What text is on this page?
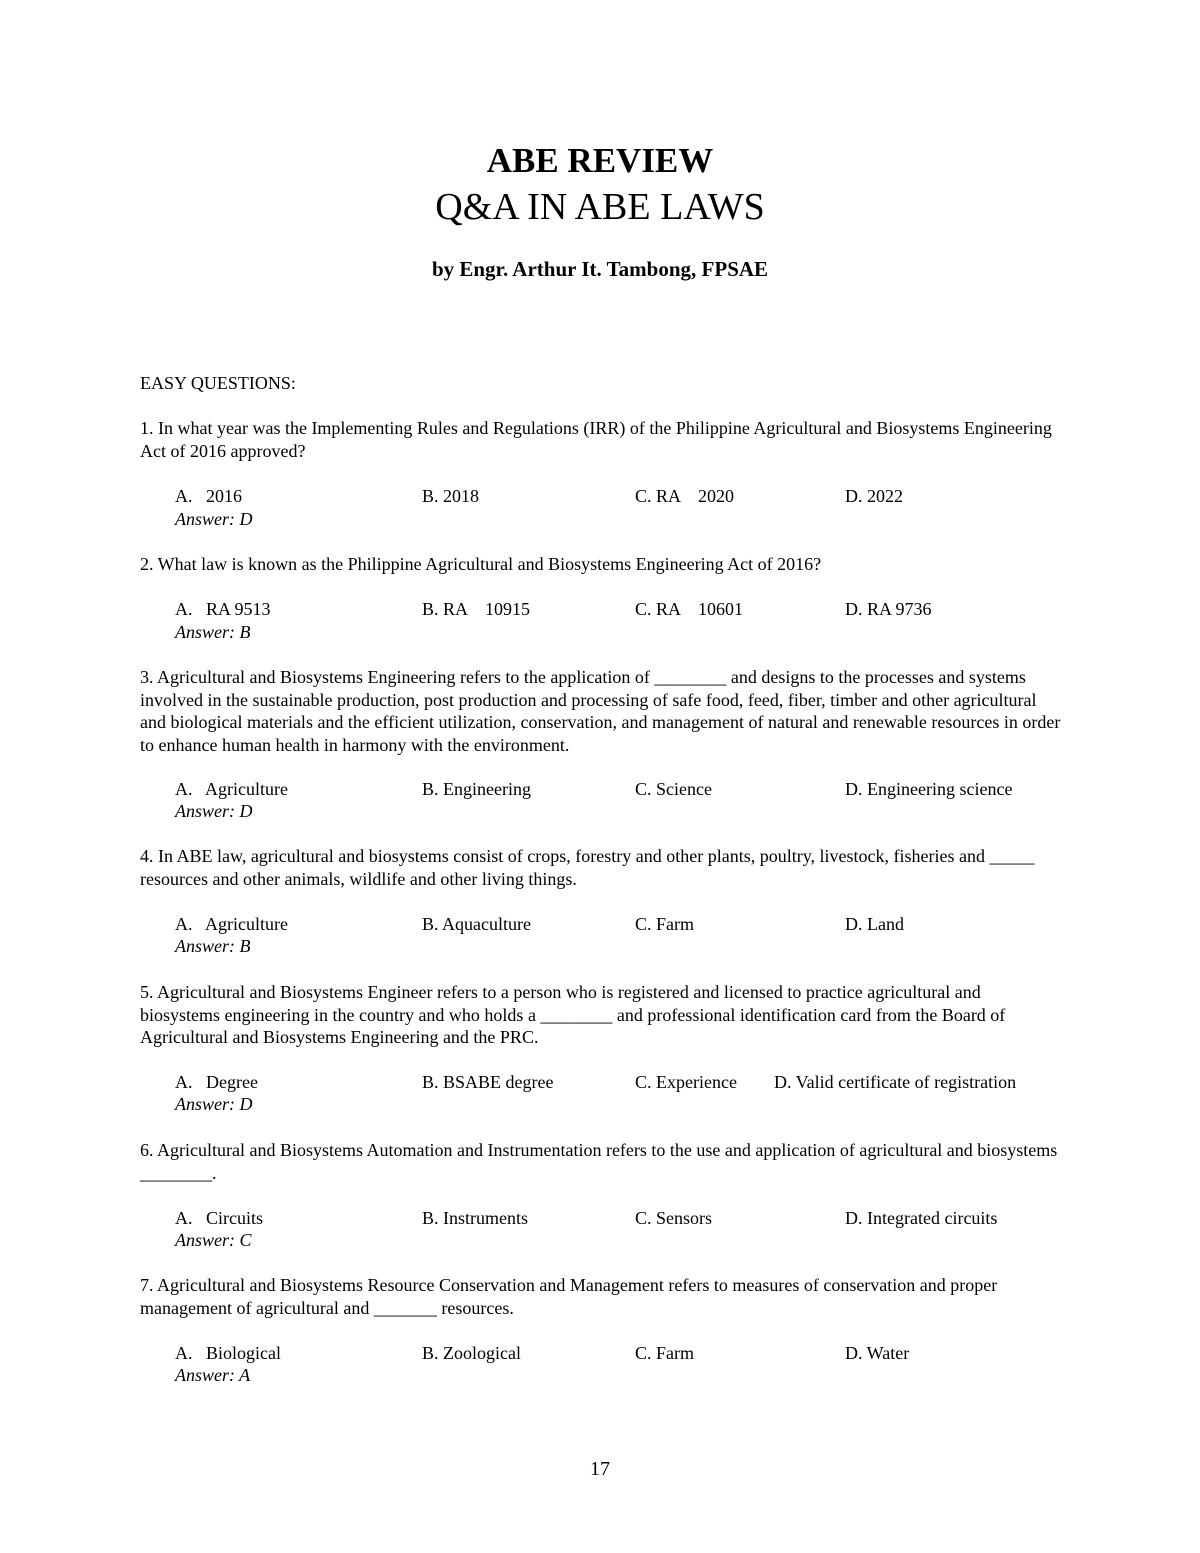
ABE REVIEW
Q&A IN ABE LAWS

by Engr. Arthur It. Tambong, FPSAE

EASY QUESTIONS:

1. In what year was the Implementing Rules and Regulations (IRR) of the Philippine Agricultural and Biosystems Engineering Act of 2016 approved?

A.   2016	B. 2018	C. RA    2020	D. 2022

Answer: D

2. What law is known as the Philippine Agricultural and Biosystems Engineering Act of 2016?

A.   RA 9513	B. RA    10915	C. RA    10601	D. RA 9736

Answer: B

3. Agricultural and Biosystems Engineering refers to the application of ________ and designs to the processes and systems involved in the sustainable production, post production and processing of safe food, feed, fiber, timber and other agricultural and biological materials and the efficient utilization, conservation, and management of natural and renewable resources in order to enhance human health in harmony with the environment.

A.   Agriculture	B. Engineering	C. Science	D. Engineering science

Answer: D

4. In ABE law, agricultural and biosystems consist of crops, forestry and other plants, poultry, livestock, fisheries and _____ resources and other animals, wildlife and other living things.

A.   Agriculture	B. Aquaculture	C. Farm	D. Land

Answer: B

5. Agricultural and Biosystems Engineer refers to a person who is registered and licensed to practice agricultural and biosystems engineering in the country and who holds a ________ and professional identification card from the Board of Agricultural and Biosystems Engineering and the PRC.

A.   Degree	B. BSABE degree	C. Experience D. Valid certificate of registration

Answer: D

6. Agricultural and Biosystems Automation and Instrumentation refers to the use and application of agricultural and biosystems ________.

A.   Circuits	B. Instruments	C. Sensors	D. Integrated circuits

Answer: C

7. Agricultural and Biosystems Resource Conservation and Management refers to measures of conservation and proper management of agricultural and _______ resources.

A.   Biological	B. Zoological	C. Farm	D. Water

Answer: A

17
